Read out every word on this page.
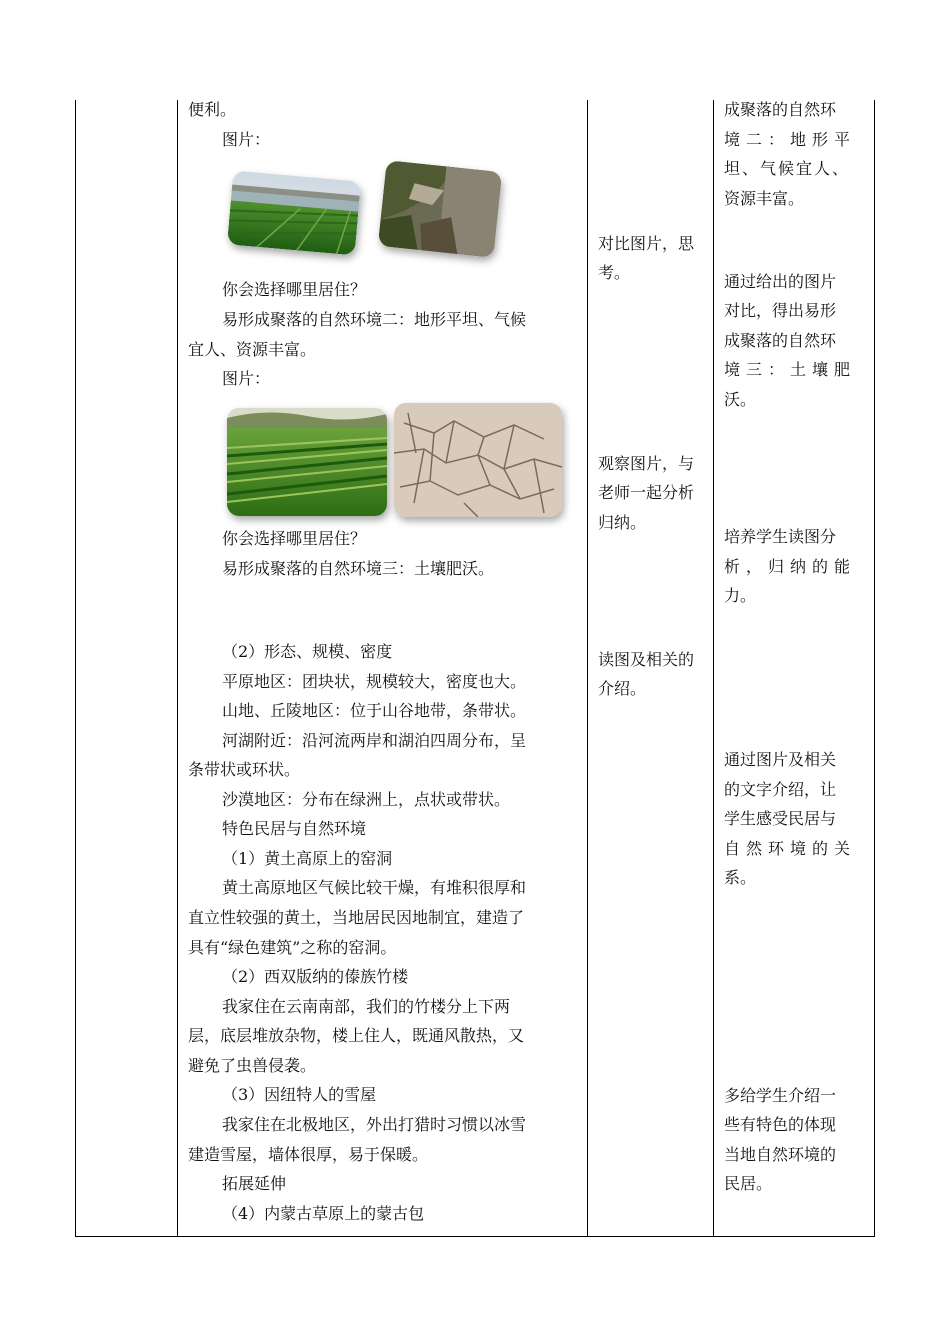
便利。
图片：
你会选择哪里居住？
易形成聚落的自然环境二：地形平坦、气候
宜人、资源丰富。
图片：
你会选择哪里居住？
易形成聚落的自然环境三：土壤肥沃。
（2）形态、规模、密度
平原地区：团块状，规模较大，密度也大。
山地、丘陵地区：位于山谷地带，条带状。
河湖附近：沿河流两岸和湖泊四周分布，呈
条带状或环状。
沙漠地区：分布在绿洲上，点状或带状。
特色民居与自然环境
（1）黄土高原上的窑洞
黄土高原地区气候比较干燥，有堆积很厚和
直立性较强的黄土，当地居民因地制宜，建造了
具有“绿色建筑”之称的窑洞。
（2）西双版纳的傣族竹楼
我家住在云南南部，我们的竹楼分上下两
层，底层堆放杂物，楼上住人，既通风散热，又
避免了虫兽侵袭。
（3）因纽特人的雪屋
我家住在北极地区，外出打猎时习惯以冰雪
建造雪屋，墙体很厚，易于保暖。
拓展延伸
（4）内蒙古草原上的蒙古包
对比图片，思
考。
观察图片，与
老师一起分析
归纳。
读图及相关的
介绍。
成聚落的自然环
境二：地形平
坦、气候宜人、
资源丰富。
通过给出的图片
对比，得出易形
成聚落的自然环
境三：土壤肥
沃。
培养学生读图分
析，归纳的能
力。
通过图片及相关
的文字介绍，让
学生感受民居与
自然环境的关
系。
多给学生介绍一
些有特色的体现
当地自然环境的
民居。
